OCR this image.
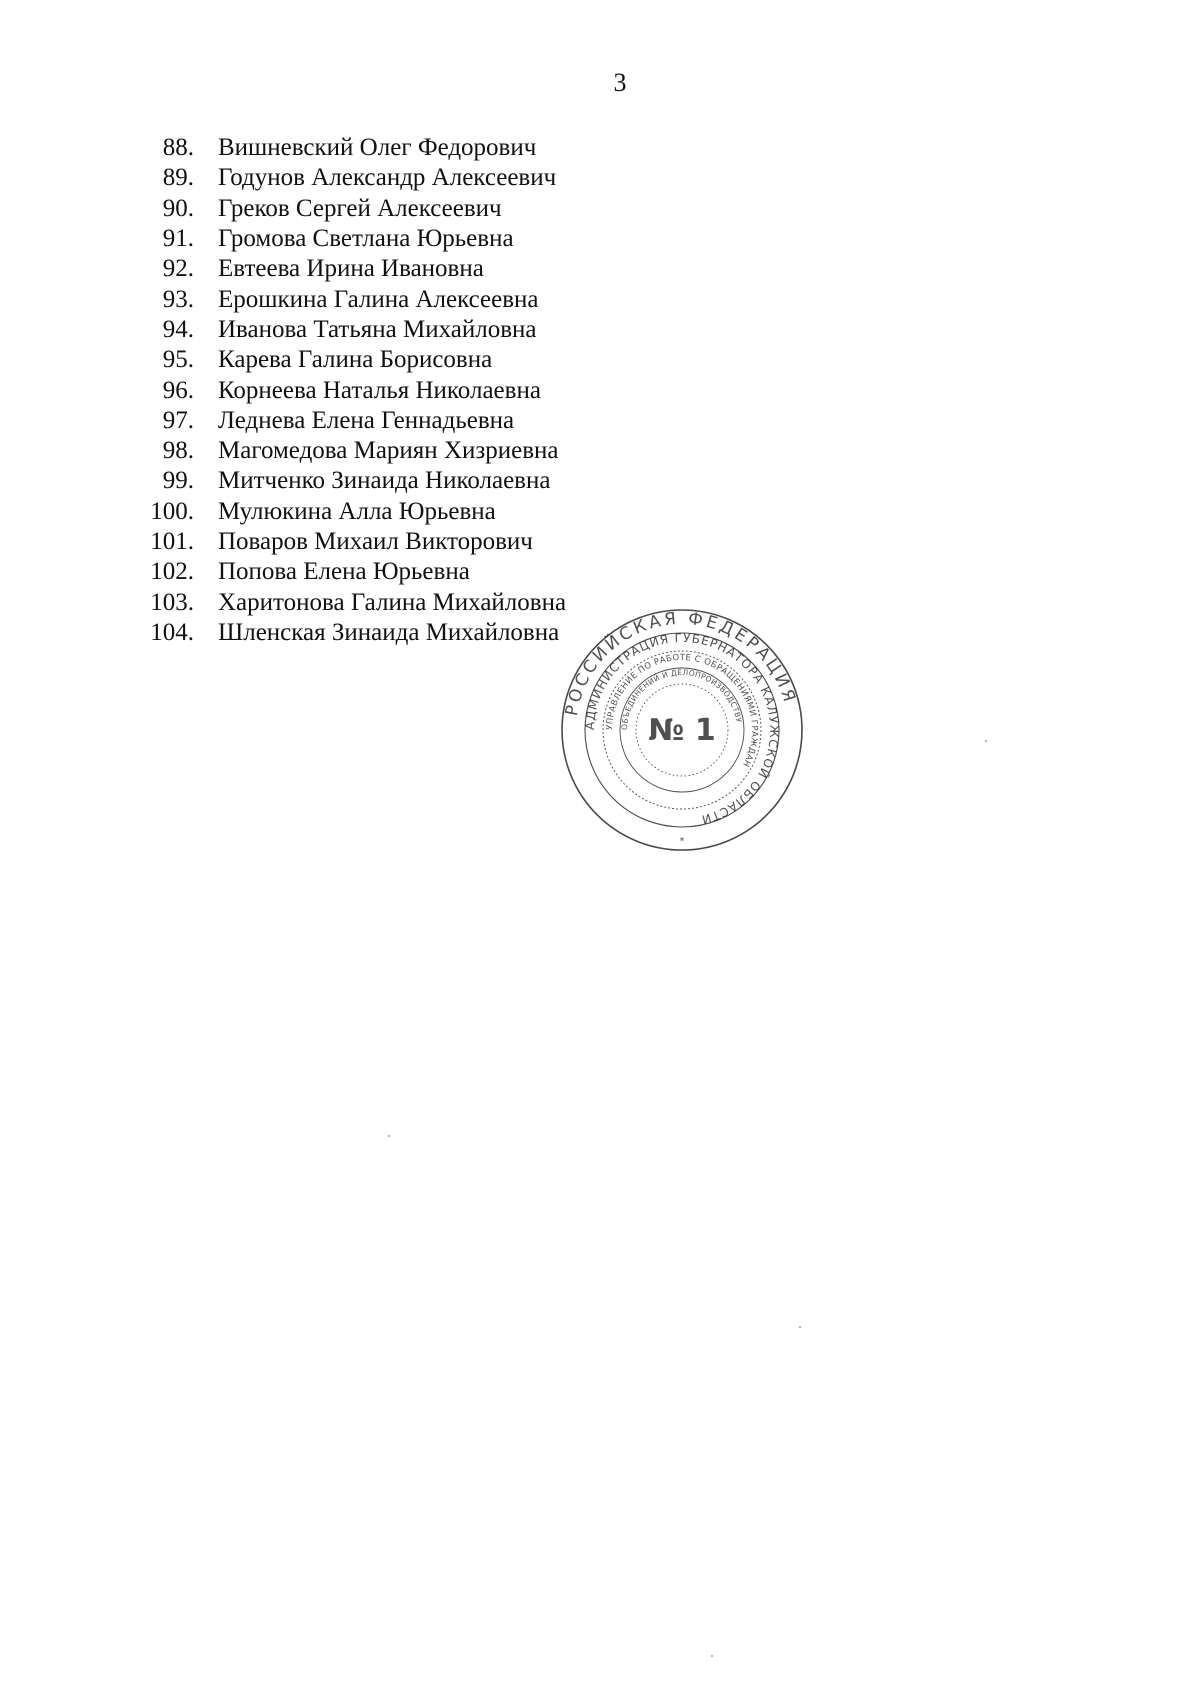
3
88. Вишневский Олег Федорович
89. Годунов Александр Алексеевич
90. Греков Сергей Алексеевич
91. Громова Светлана Юрьевна
92. Евтеева Ирина Ивановна
93. Ерошкина Галина Алексеевна
94. Иванова Татьяна Михайловна
95. Карева Галина Борисовна
96. Корнеева Наталья Николаевна
97. Леднева Елена Геннадьевна
98. Магомедова Мариян Хизриевна
99. Митченко Зинаида Николаевна
100. Мулюкина Алла Юрьевна
101. Поваров Михаил Викторович
102. Попова Елена Юрьевна
103. Харитонова Галина Михайловна
104. Шленская Зинаида Михайловна
РОССИЙСКАЯ ФЕДЕРАЦИЯ
АДМИНИСТРАЦИЯ ГУБЕРНАТОРА КАЛУЖСКОЙ ОБЛАСТИ
УПРАВЛЕНИЕ ПО РАБОТЕ С ОБРАЩЕНИЯМИ ГРАЖДАН
ОБЪЕДИНЕНИЙ И ДЕЛОПРОИЗВОДСТВУ
№ 1
*
